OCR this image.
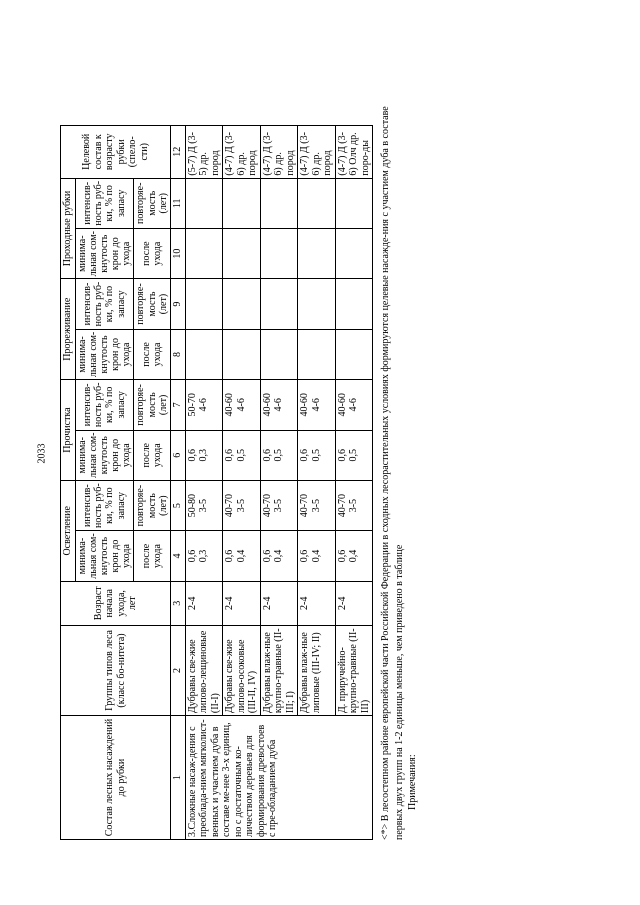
2033
Состав лесных насаждений до рубки	Группы типов леса (класс бо-нитета)	Возраст начала ухода, лет	Осветление		Прочистка		Прореживание		Проходные рубки		Целевой состав к возрасту рубки (спело-сти)
			минима-льная сом-кнутость крон до ухода	интенсив-ность руб-ки, % по запасу	минима-льная сом-кнутость крон до ухода	интенсив-ность руб-ки, % по запасу	минима-льная сом-кнутость крон до ухода	интенсив-ность руб-ки, % по запасу	минима-льная сом-кнутость крон до ухода	интенсив-ность руб-ки, % по запасу	
			после ухода	повторяе-мость (лет)	после ухода	повторяе-мость (лет)	после ухода	повторяе-мость (лет)	после ухода	повторяе-мость (лет)	
1	2	3	4	5	6	7	8	9	10	11	12
3.Сложные насаж-дения с преоблада-нием мягколист-венных и участием дуба в составе ме-нее 3-х единиц, но с достаточным ко-личеством деревьев для формирования древостоев с пре-обладанием дуба	Дубравы све-жие липово-лещиновые (II-I)	2-4	0,6 0,3	50-80 3-5	0,6 0,3	50-70 4-6					(5-7) Д (3-5) др. пород
	Дубравы све-жие липово-осоковые (III-II, IV)	2-4	0,6 0,4	40-70 3-5	0,6 0,5	40-60 4-6					(4-7) Д (3-6) др. пород
	Дубравы влаж-ные крупно-травные (II-III; I)	2-4	0,6 0,4	40-70 3-5	0,6 0,5	40-60 4-6					(4-7) Д (3-6) др. пород
	Дубравы влаж-ные липовые (III-IV; II)	2-4	0,6 0,4	40-70 3-5	0,6 0,5	40-60 4-6					(4-7) Д (3-6) др. пород
	Д. приручейно-крупно-травные (II-III)	2-4	0,6 0,4	40-70 3-5	0,6 0,5	40-60 4-6					(4-7) Д (3-6) Олч др. поро-ды <*> В лесостепном районе европейской части Российской Федерации в сходных лесорастительных условиях формируются целевые насажде-ния с участием дуба в составе первых двух групп на 1-2 единицы меньше, чем приведено в таблице Примечания:
